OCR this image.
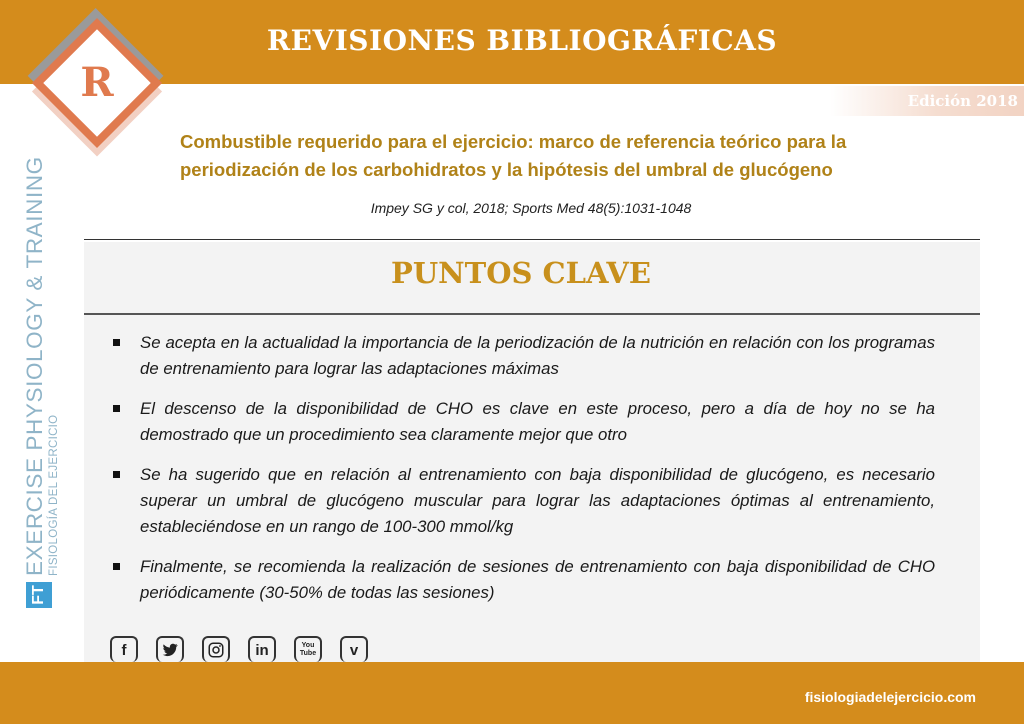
REVISIONES BIBLIOGRÁFICAS
Edición 2018
R
Combustible requerido para el ejercicio: marco de referencia teórico para la
periodización de los carbohidratos y la hipótesis del umbral de glucógeno
Impey SG y col, 2018; Sports Med 48(5):1031-1048
PUNTOS CLAVE
Se acepta en la actualidad la importancia de la periodización de la nutrición en relación con los programas de entrenamiento para lograr las adaptaciones máximas
El descenso de la disponibilidad de CHO es clave en este proceso, pero a día de hoy no se ha demostrado que un procedimiento sea claramente mejor que otro
Se ha sugerido que en relación al entrenamiento con baja disponibilidad de glucógeno, es necesario superar un umbral de glucógeno muscular para lograr las adaptaciones óptimas al entrenamiento, estableciéndose en un rango de 100-300 mmol/kg
Finalmente, se recomienda la realización de sesiones de entrenamiento con baja disponibilidad de CHO periódicamente (30-50% de todas las sesiones)
f	in	You Tube v
FT
EXERCISE PHYSIOLOGY & TRAINING FISIOLOGÍA DEL EJERCICIO
fisiologiadelejercicio.com
